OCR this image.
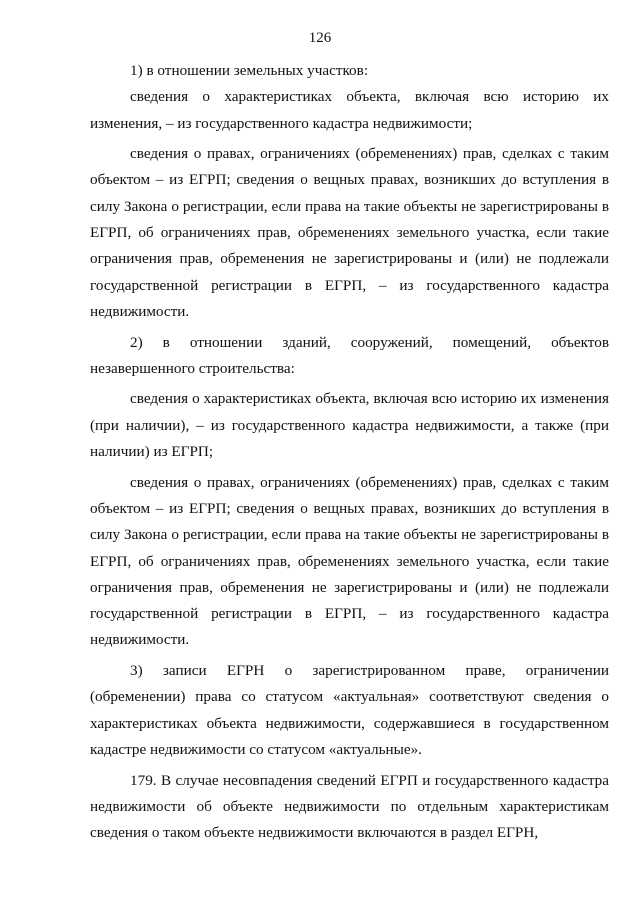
126

1) в отношении земельных участков:

сведения о характеристиках объекта, включая всю историю их изменения, – из государственного кадастра недвижимости;

сведения о правах, ограничениях (обременениях) прав, сделках с таким объектом – из ЕГРП; сведения о вещных правах, возникших до вступления в силу Закона о регистрации, если права на такие объекты не зарегистрированы в ЕГРП, об ограничениях прав, обременениях земельного участка, если такие ограничения прав, обременения не зарегистрированы и (или) не подлежали государственной регистрации в ЕГРП, – из государственного кадастра недвижимости.

2) в отношении зданий, сооружений, помещений, объектов незавершенного строительства:

сведения о характеристиках объекта, включая всю историю их изменения (при наличии), – из государственного кадастра недвижимости, а также (при наличии) из ЕГРП;

сведения о правах, ограничениях (обременениях) прав, сделках с таким объектом – из ЕГРП; сведения о вещных правах, возникших до вступления в силу Закона о регистрации, если права на такие объекты не зарегистрированы в ЕГРП, об ограничениях прав, обременениях земельного участка, если такие ограничения прав, обременения не зарегистрированы и (или) не подлежали государственной регистрации в ЕГРП, – из государственного кадастра недвижимости.

3) записи ЕГРН о зарегистрированном праве, ограничении (обременении) права со статусом «актуальная» соответствуют сведения о характеристиках объекта недвижимости, содержавшиеся в государственном кадастре недвижимости со статусом «актуальные».

179. В случае несовпадения сведений ЕГРП и государственного кадастра недвижимости об объекте недвижимости по отдельным характеристикам сведения о таком объекте недвижимости включаются в раздел ЕГРН,
